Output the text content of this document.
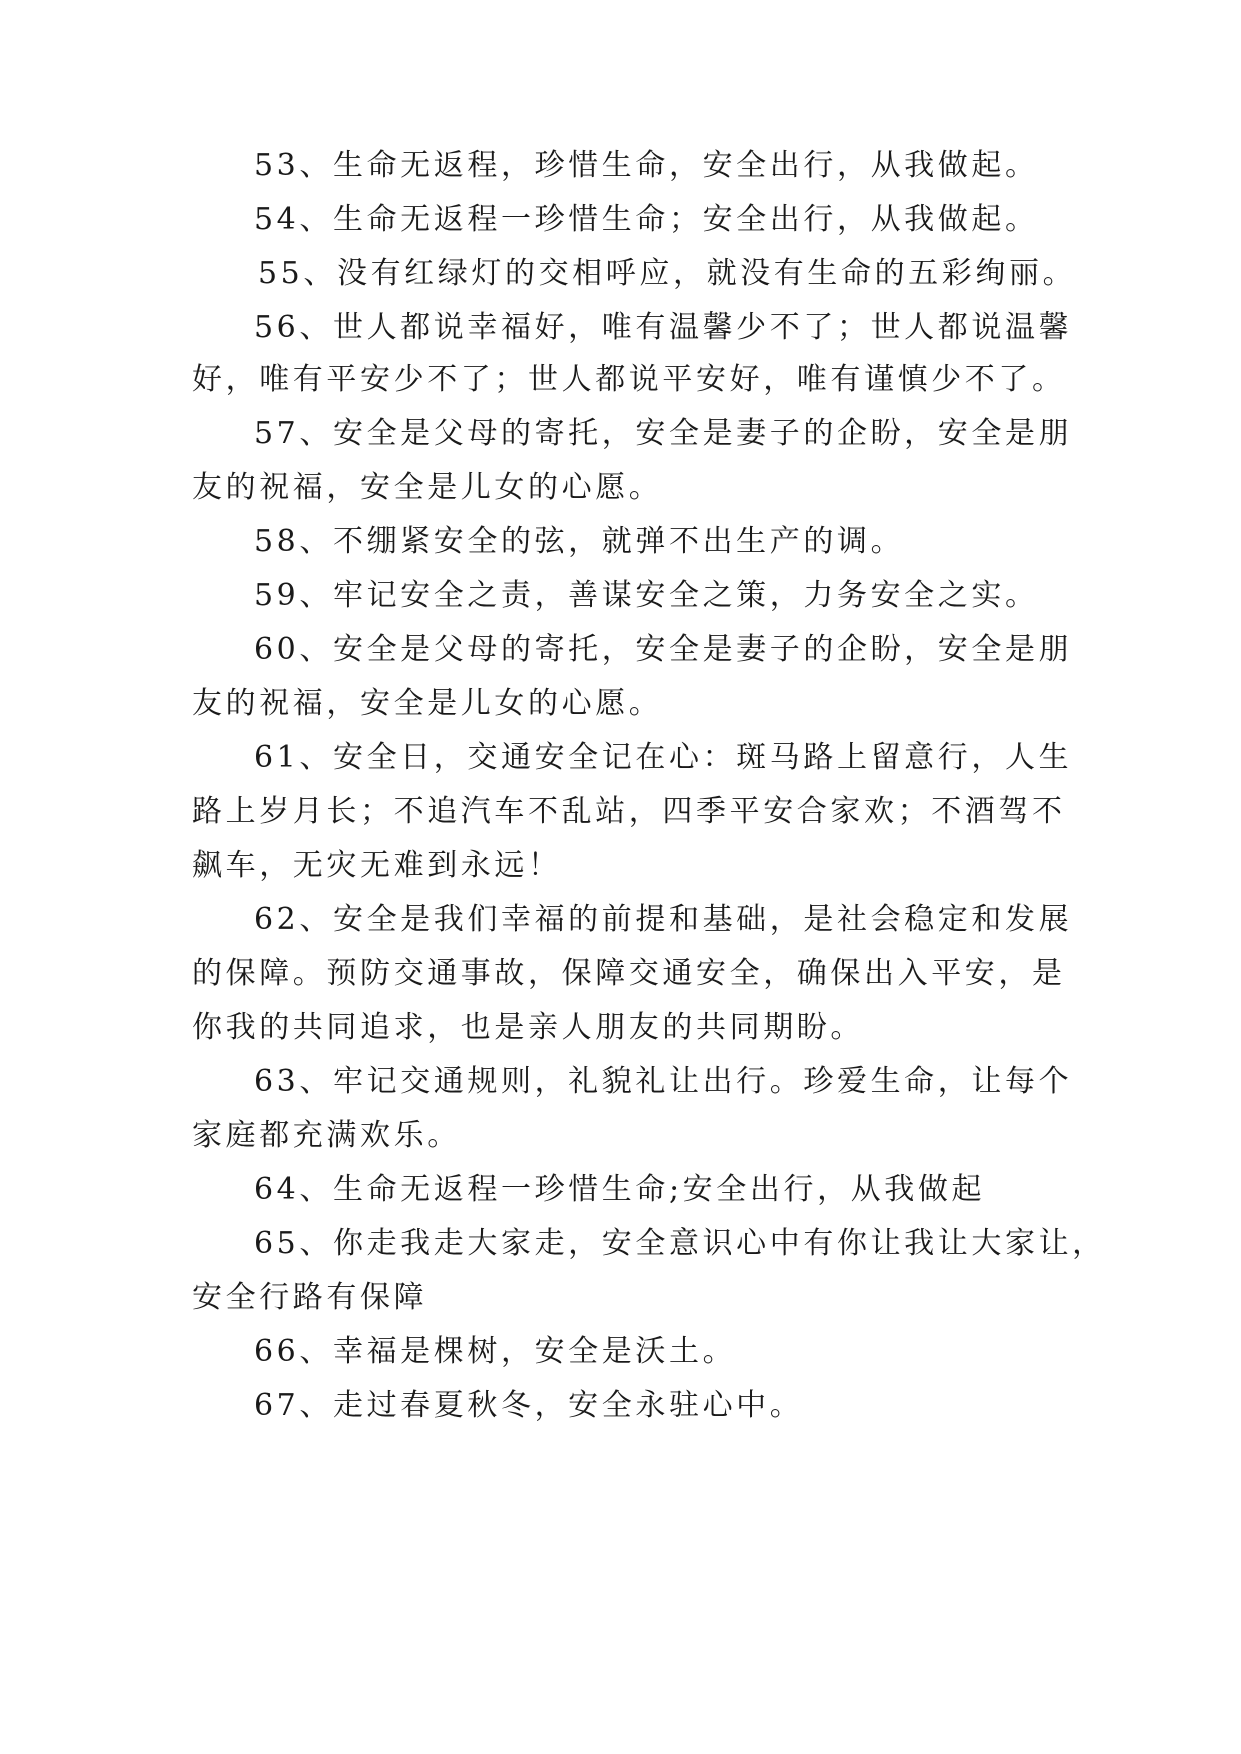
53、生命无返程，珍惜生命，安全出行，从我做起。
54、生命无返程一珍惜生命；安全出行，从我做起。
55、没有红绿灯的交相呼应，就没有生命的五彩绚丽。
56、世人都说幸福好，唯有温馨少不了；世人都说温馨
好，唯有平安少不了；世人都说平安好，唯有谨慎少不了。
57、安全是父母的寄托，安全是妻子的企盼，安全是朋
友的祝福，安全是儿女的心愿。
58、不绷紧安全的弦，就弹不出生产的调。
59、牢记安全之责，善谋安全之策，力务安全之实。
60、安全是父母的寄托，安全是妻子的企盼，安全是朋
友的祝福，安全是儿女的心愿。
61、安全日，交通安全记在心：斑马路上留意行，人生
路上岁月长；不追汽车不乱站，四季平安合家欢；不酒驾不
飙车，无灾无难到永远！
62、安全是我们幸福的前提和基础，是社会稳定和发展
的保障。预防交通事故，保障交通安全，确保出入平安，是
你我的共同追求，也是亲人朋友的共同期盼。
63、牢记交通规则，礼貌礼让出行。珍爱生命，让每个
家庭都充满欢乐。
64、生命无返程一珍惜生命;安全出行，从我做起
65、你走我走大家走，安全意识心中有你让我让大家让，
安全行路有保障
66、幸福是棵树，安全是沃土。
67、走过春夏秋冬，安全永驻心中。
